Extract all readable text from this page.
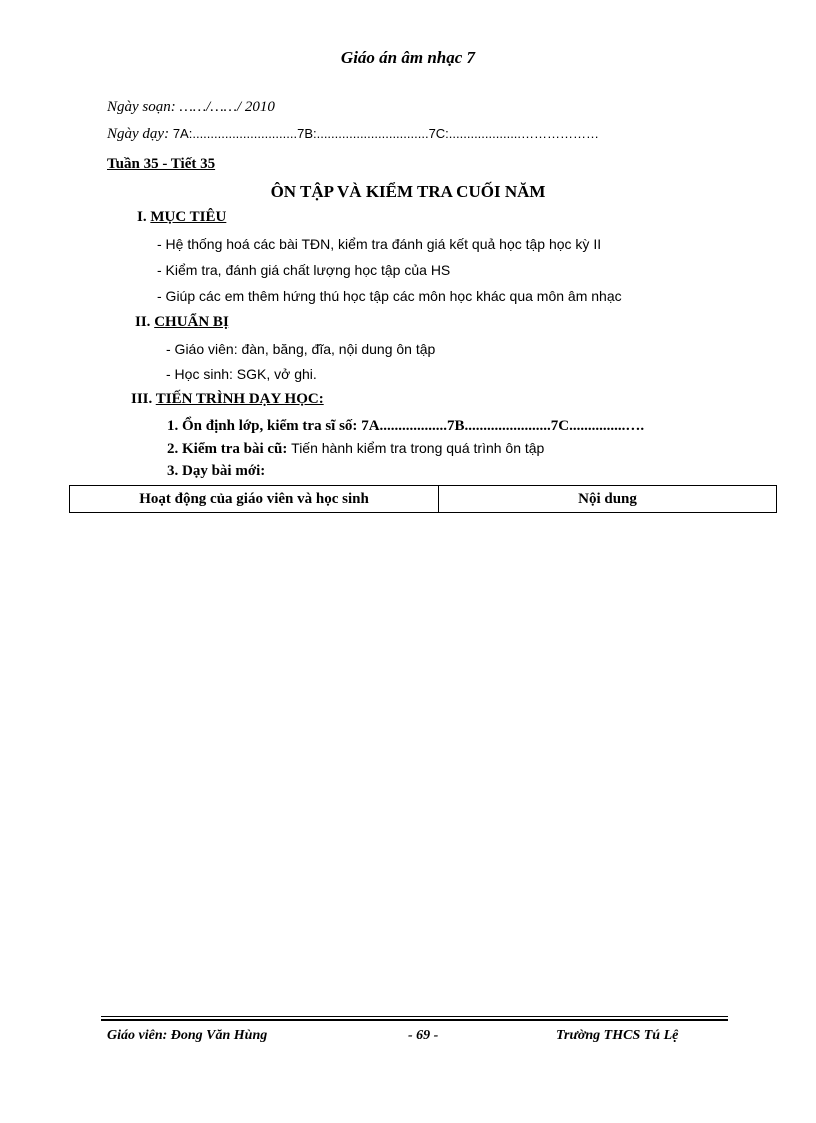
Giáo án âm nhạc 7
Ngày soạn: ……/……/ 2010
Ngày dạy: 7A:.............................7B:...............................7C:....................………………
Tuần 35 - Tiết 35
ÔN TẬP VÀ KIỂM TRA CUỐI NĂM
I. MỤC TIÊU
- Hệ thống hoá các bài TĐN, kiểm tra đánh giá kết quả học tập học kỳ II
- Kiểm tra, đánh giá chất lượng học tập của HS
- Giúp các em thêm hứng thú học tập các môn học khác qua môn âm nhạc
II. CHUẨN BỊ
- Giáo viên: đàn, băng, đĩa, nội dung ôn tập
- Học sinh: SGK, vở ghi.
III. TIẾN TRÌNH DẠY HỌC:
1. Ổn định lớp, kiểm tra sĩ số: 7A..................7B.......................7C...............….
2. Kiểm tra bài cũ: Tiến hành kiểm tra trong quá trình ôn tập
3. Dạy bài mới:
Hoạt động của giáo viên và học sinh	Nội dung
Giáo viên: Đong Văn Hùng	- 69 -	Trường THCS Tú Lệ
